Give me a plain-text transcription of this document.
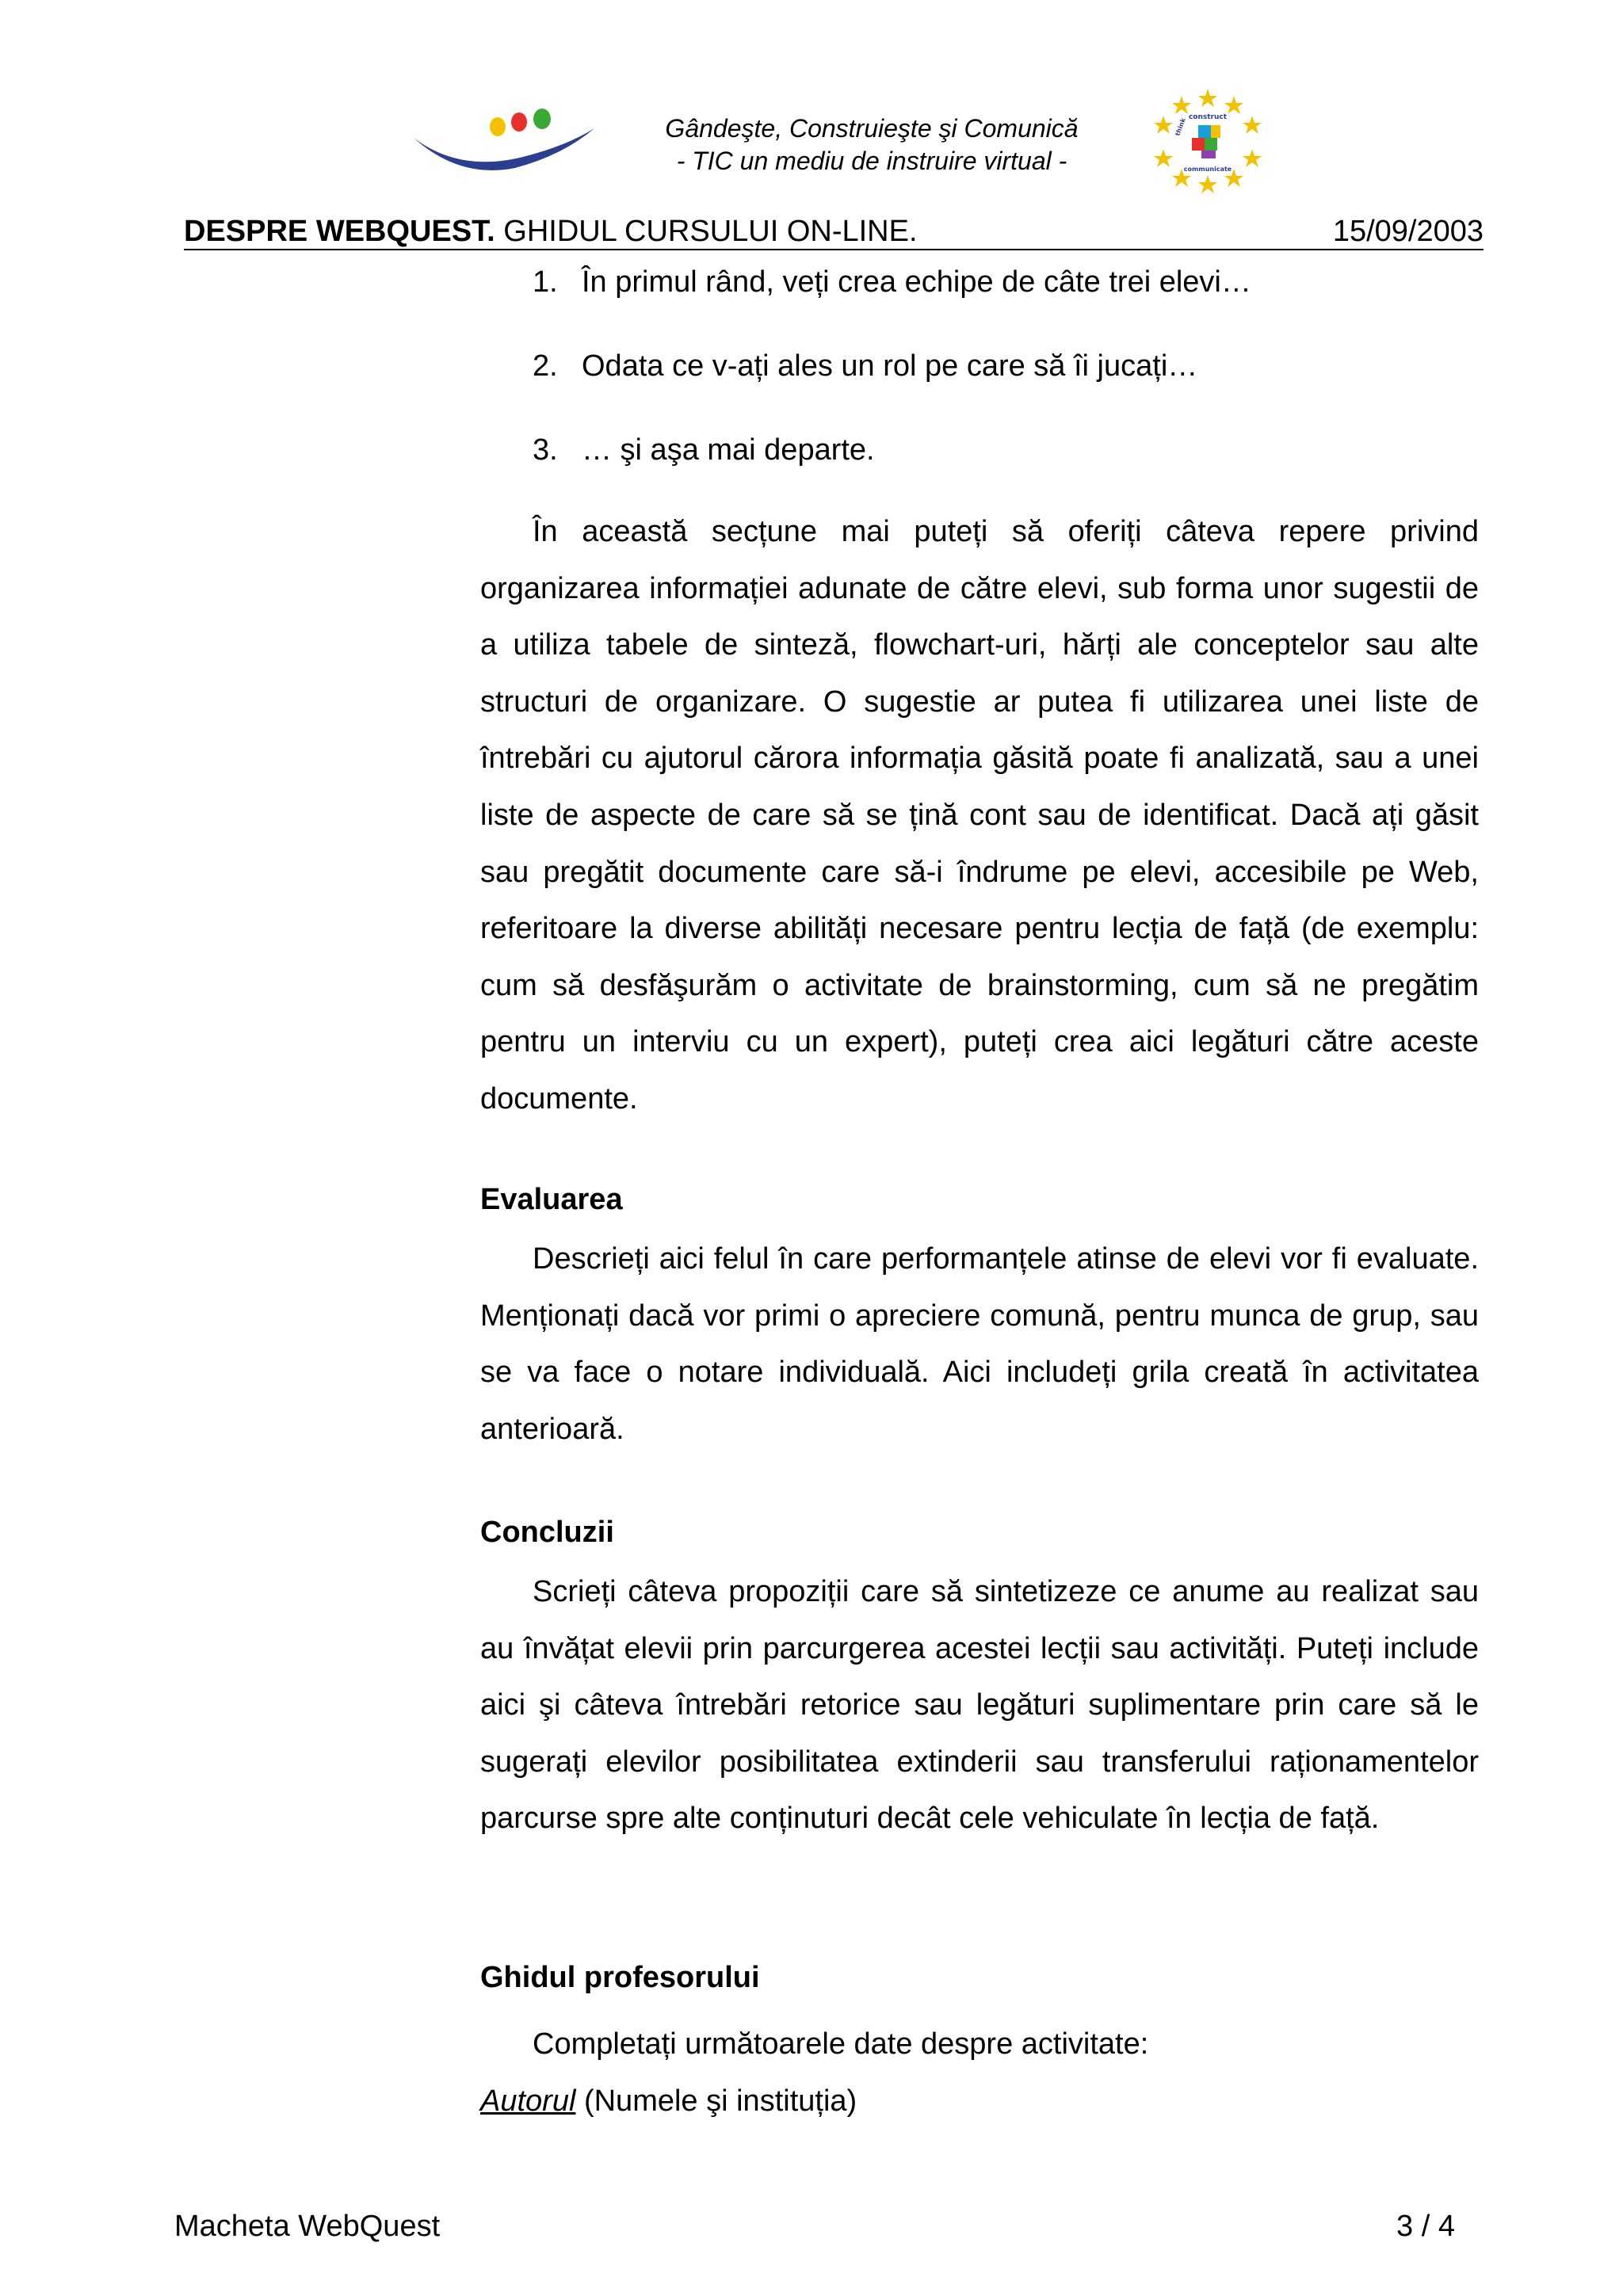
Gândeşte, Construieşte şi Comunică
- TIC un mediu de instruire virtual -
construct
think
communicate
DESPRE WEBQUEST. GHIDUL CURSULUI ON-LINE.	15/09/2003
1. În primul rând, veți crea echipe de câte trei elevi…
2. Odata ce v-ați ales un rol pe care să îi jucați…
3. … şi aşa mai departe.
În această secțune mai puteți să oferiți câteva repere privind organizarea informației adunate de către elevi, sub forma unor sugestii de a utiliza tabele de sinteză, flowchart-uri, hărți ale conceptelor sau alte structuri de organizare. O sugestie ar putea fi utilizarea unei liste de întrebări cu ajutorul cărora informația găsită poate fi analizată, sau a unei liste de aspecte de care să se țină cont sau de identificat. Dacă ați găsit sau pregătit documente care să-i îndrume pe elevi, accesibile pe Web, referitoare la diverse abilități necesare pentru lecția de față (de exemplu: cum să desfăşurăm o activitate de brainstorming, cum să ne pregătim pentru un interviu cu un expert), puteți crea aici legături către aceste documente.
Evaluarea
Descrieți aici felul în care performanțele atinse de elevi vor fi evaluate. Menționați dacă vor primi o apreciere comună, pentru munca de grup, sau se va face o notare individuală. Aici includeți grila creată în activitatea anterioară.
Concluzii
Scrieți câteva propoziții care să sintetizeze ce anume au realizat sau au învățat elevii prin parcurgerea acestei lecții sau activități. Puteți include aici şi câteva întrebări retorice sau legături suplimentare prin care să le sugerați elevilor posibilitatea extinderii sau transferului raționamentelor parcurse spre alte conținuturi decât cele vehiculate în lecția de față.
Ghidul profesorului
Completați următoarele date despre activitate:
Autorul (Numele şi instituția)
Macheta WebQuest	3 / 4
